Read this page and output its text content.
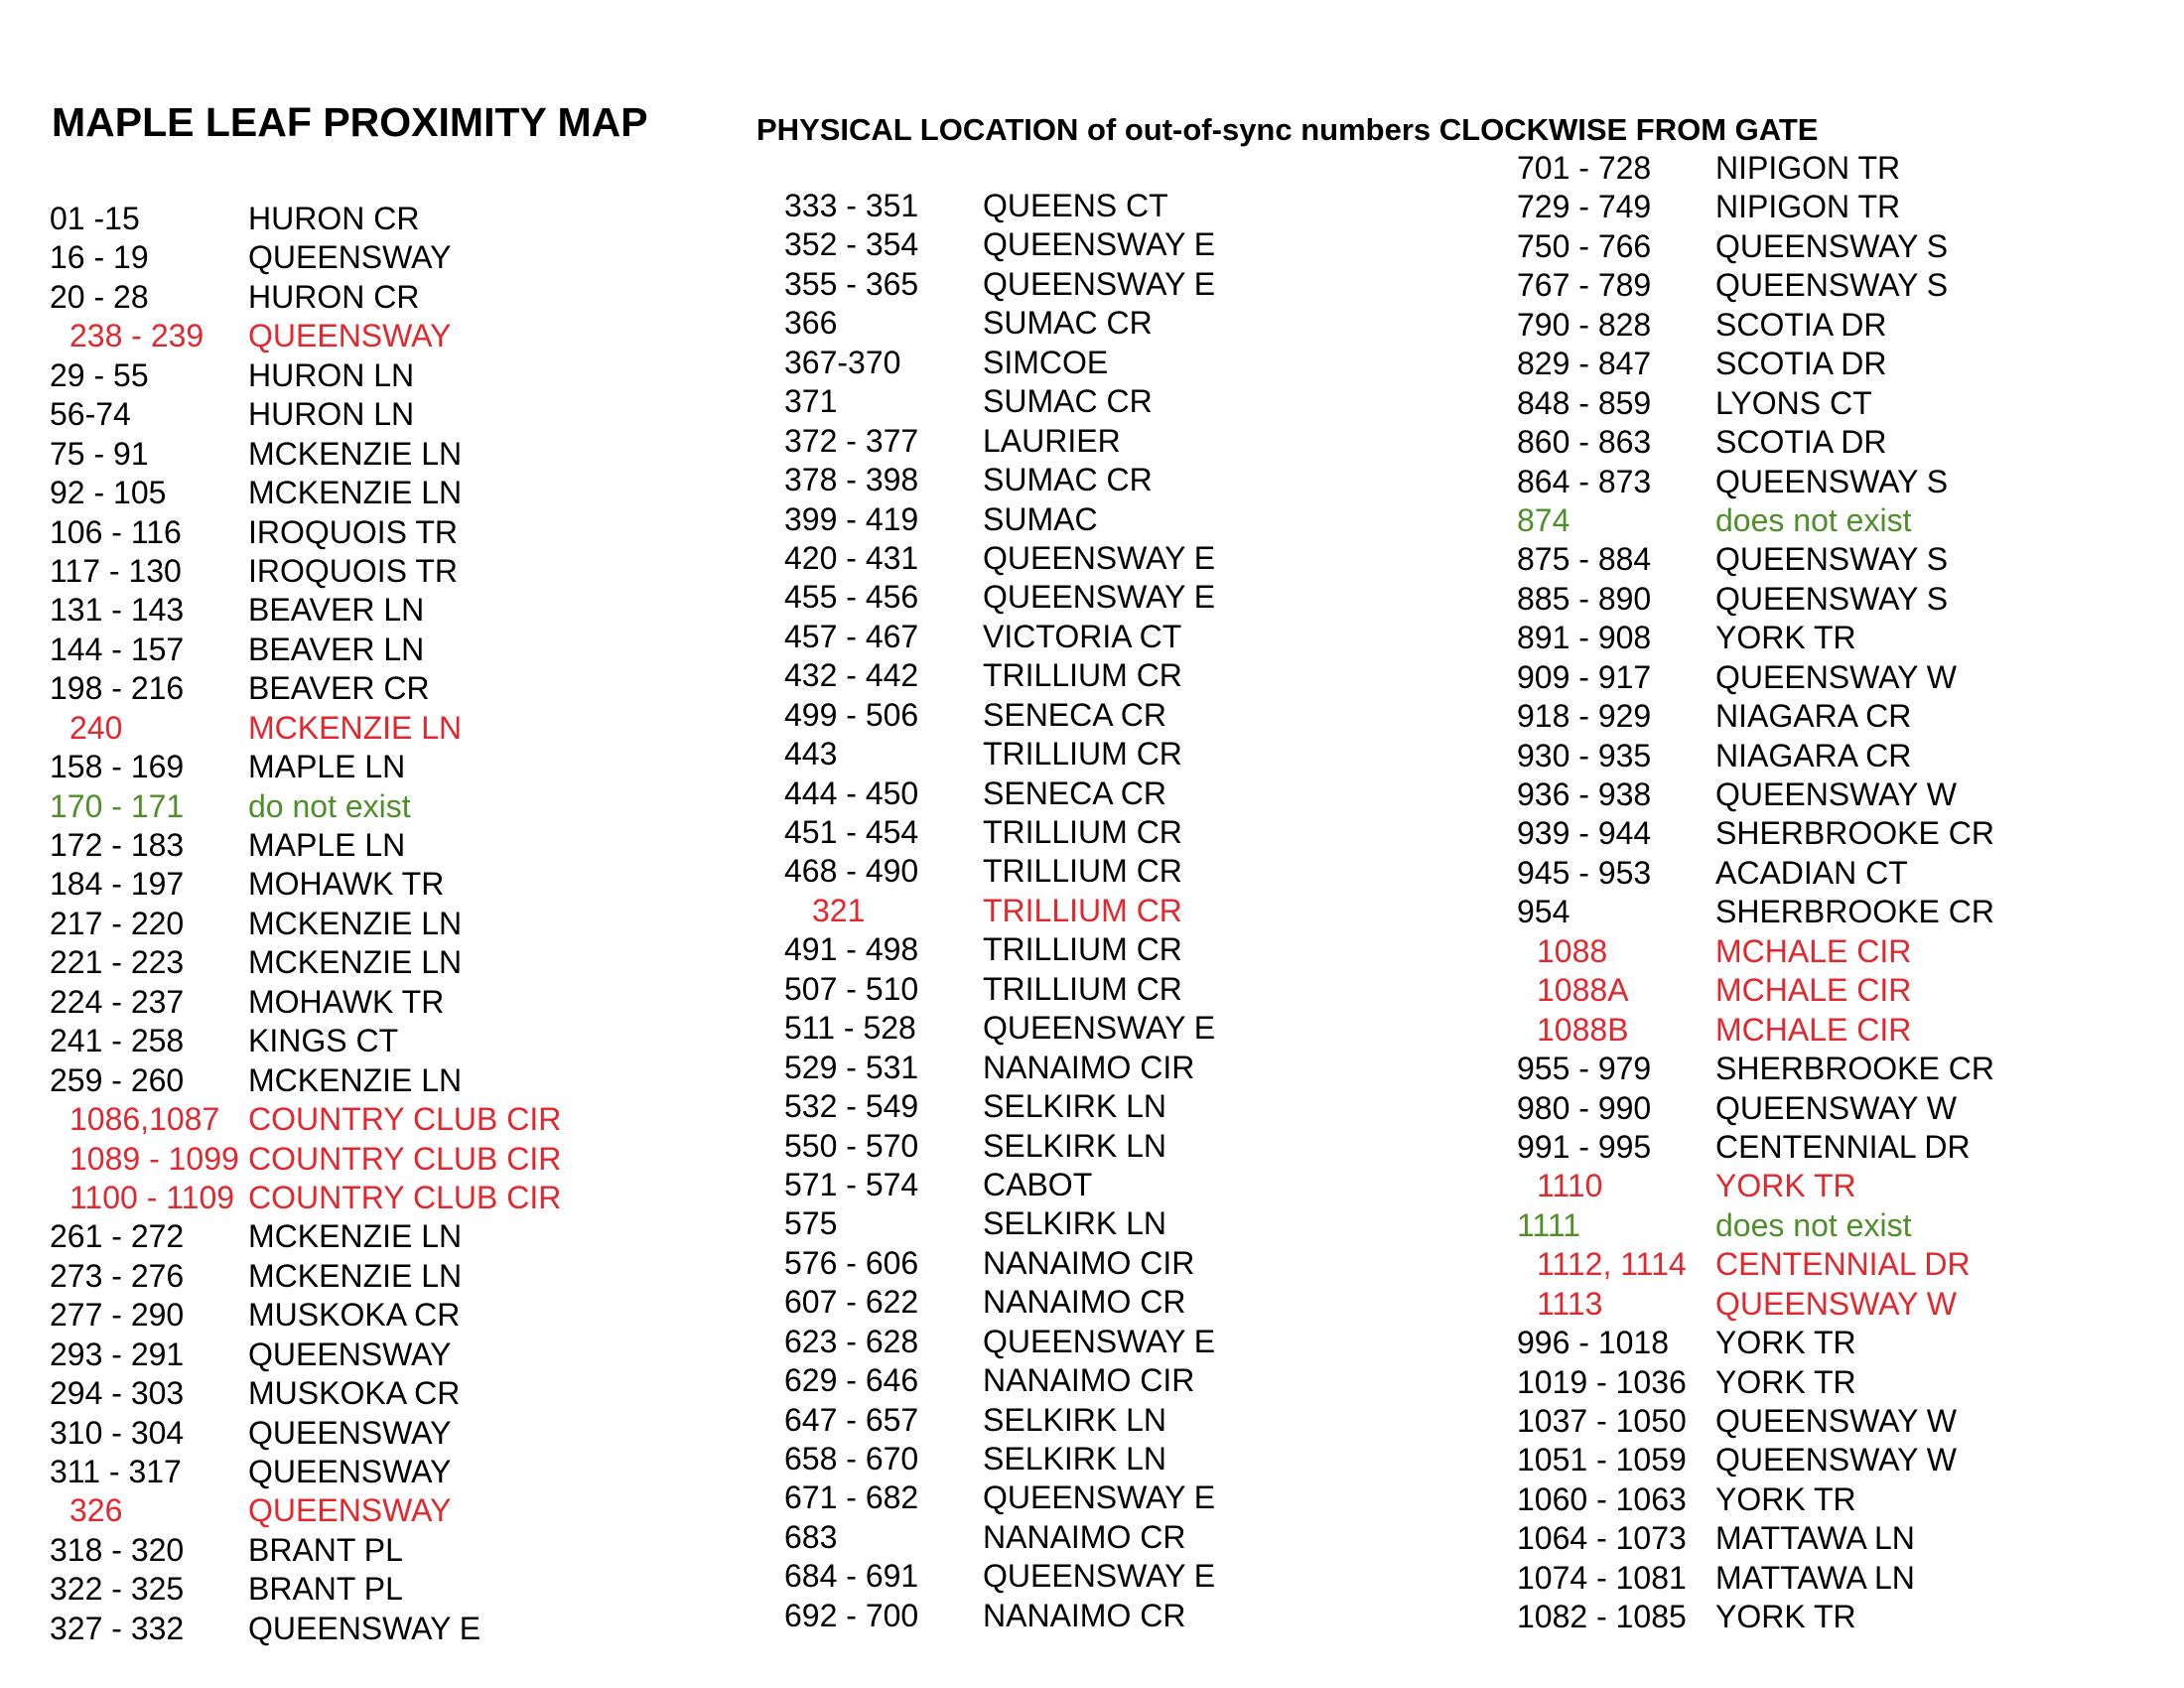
MAPLE LEAF PROXIMITY MAP	PHYSICAL LOCATION of out-of-sync numbers CLOCKWISE FROM GATE
01 -15	HURON CR
16 - 19	QUEENSWAY
20 - 28	HURON CR
238 - 239 QUEENSWAY
29 - 55	HURON LN
56-74	HURON LN
75 - 91	MCKENZIE LN
92 - 105	MCKENZIE LN
106 - 116 IROQUOIS TR
117 - 130 IROQUOIS TR
131 - 143 BEAVER LN
144 - 157 BEAVER LN
198 - 216 BEAVER CR
240	MCKENZIE LN
158 - 169 MAPLE LN
170 - 171 do not exist
172 - 183 MAPLE LN
184 - 197 MOHAWK TR
217 - 220 MCKENZIE LN
221 - 223 MCKENZIE LN
224 - 237 MOHAWK TR
241 - 258 KINGS CT
259 - 260 MCKENZIE LN
1086,1087 COUNTRY CLUB CIR
1089 - 1099 COUNTRY CLUB CIR
1100 - 1109 COUNTRY CLUB CIR
261 - 272 MCKENZIE LN
273 - 276 MCKENZIE LN
277 - 290 MUSKOKA CR
293 - 291 QUEENSWAY
294 - 303 MUSKOKA CR
310 - 304 QUEENSWAY
311 - 317 QUEENSWAY
326	QUEENSWAY
318 - 320 BRANT PL
322 - 325 BRANT PL
327 - 332 QUEENSWAY E
333 - 351 QUEENS CT
352 - 354 QUEENSWAY E
355 - 365 QUEENSWAY E
366	SUMAC CR
367-370	SIMCOE
371	SUMAC CR
372 - 377 LAURIER
378 - 398 SUMAC CR
399 - 419 SUMAC
420 - 431 QUEENSWAY E
455 - 456 QUEENSWAY E
457 - 467 VICTORIA CT
432 - 442 TRILLIUM CR
499 - 506 SENECA CR
443	TRILLIUM CR
444 - 450 SENECA CR
451 - 454 TRILLIUM CR
468 - 490 TRILLIUM CR
321	TRILLIUM CR
491 - 498 TRILLIUM CR
507 - 510 TRILLIUM CR
511 - 528 QUEENSWAY E
529 - 531 NANAIMO CIR
532 - 549 SELKIRK LN
550 - 570 SELKIRK LN
571 - 574 CABOT
575	SELKIRK LN
576 - 606 NANAIMO CIR
607 - 622 NANAIMO CR
623 - 628 QUEENSWAY E
629 - 646 NANAIMO CIR
647 - 657 SELKIRK LN
658 - 670 SELKIRK LN
671 - 682 QUEENSWAY E
683	NANAIMO CR
684 - 691 QUEENSWAY E
692 - 700 NANAIMO CR
701 - 728 NIPIGON TR
729 - 749 NIPIGON TR
750 - 766 QUEENSWAY S
767 - 789 QUEENSWAY S
790 - 828 SCOTIA DR
829 - 847 SCOTIA DR
848 - 859 LYONS CT
860 - 863 SCOTIA DR
864 - 873 QUEENSWAY S
874	does not exist
875 - 884 QUEENSWAY S
885 - 890 QUEENSWAY S
891 - 908 YORK TR
909 - 917 QUEENSWAY W
918 - 929 NIAGARA CR
930 - 935 NIAGARA CR
936 - 938 QUEENSWAY W
939 - 944 SHERBROOKE CR
945 - 953 ACADIAN CT
954	SHERBROOKE CR
1088	MCHALE CIR
1088A	MCHALE CIR
1088B	MCHALE CIR
955 - 979 SHERBROOKE CR
980 - 990 QUEENSWAY W
991 - 995 CENTENNIAL DR
1110	YORK TR
1111	does not exist
1112, 1114 CENTENNIAL DR
1113	QUEENSWAY W
996 - 1018 YORK TR
1019 - 1036 YORK TR
1037 - 1050 QUEENSWAY W
1051 - 1059 QUEENSWAY W
1060 - 1063 YORK TR
1064 - 1073 MATTAWA LN
1074 - 1081 MATTAWA LN
1082 - 1085 YORK TR
